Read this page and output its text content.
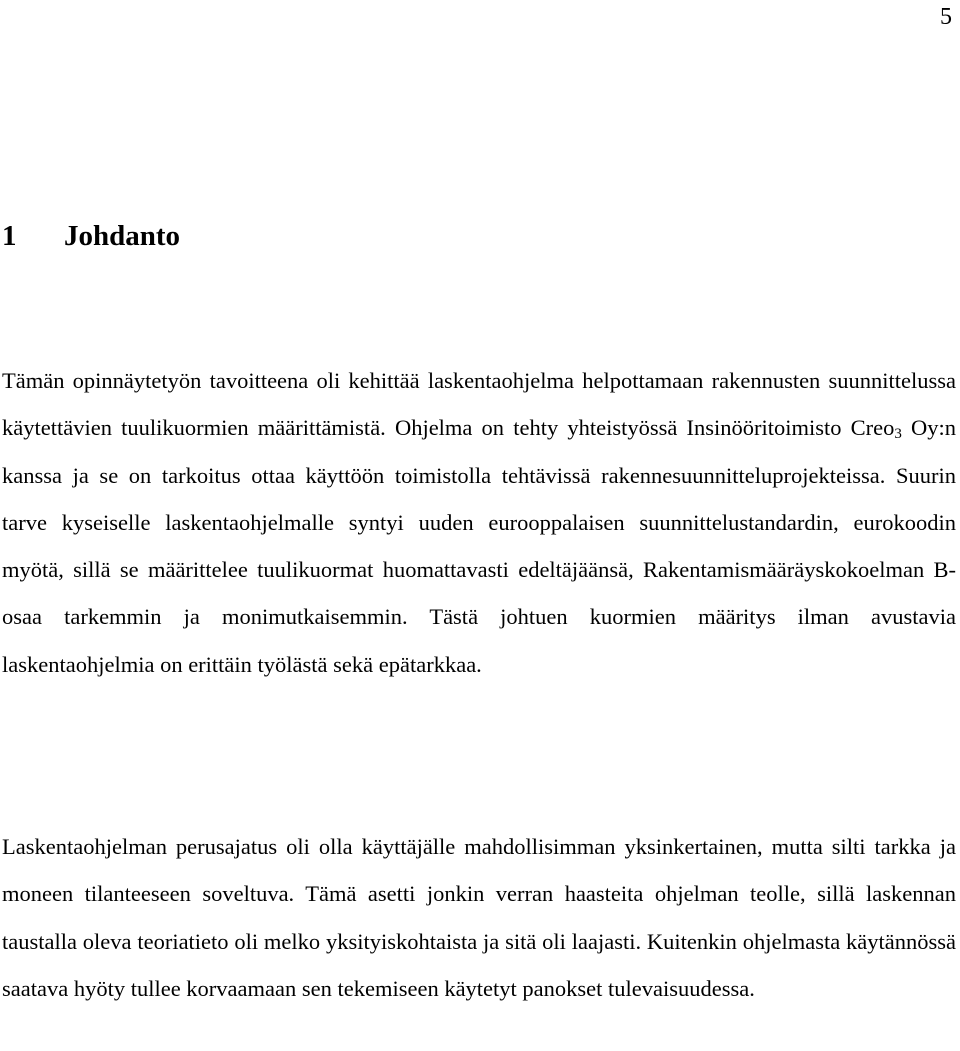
5
1 Johdanto

Tämän opinnäytetyön tavoitteena oli kehittää laskentaohjelma helpottamaan rakennusten suunnittelussa käytettävien tuulikuormien määrittämistä. Ohjelma on tehty yhteistyössä Insinööritoimisto Creo$_3$ Oy:n kanssa ja se on tarkoitus ottaa käyttöön toimistolla tehtävissä rakennesuunnitteluprojekteissa. Suurin tarve kyseiselle laskentaohjelmalle syntyi uuden eurooppalaisen suunnittelustandardin, eurokoodin myötä, sillä se määrittelee tuulikuormat huomattavasti edeltäjäänsä, Rakentamismääräyskokoelman B-osaa tarkemmin ja monimutkaisemmin. Tästä johtuen kuormien määritys ilman avustavia laskentaohjelmia on erittäin työlästä sekä epätarkkaa.

Laskentaohjelman perusajatus oli olla käyttäjälle mahdollisimman yksinkertainen, mutta silti tarkka ja moneen tilanteeseen soveltuva. Tämä asetti jonkin verran haasteita ohjelman teolle, sillä laskennan taustalla oleva teoriatieto oli melko yksityiskohtaista ja sitä oli laajasti. Kuitenkin ohjelmasta käytännössä saatava hyöty tullee korvaamaan sen tekemiseen käytetyt panokset tulevaisuudessa.
